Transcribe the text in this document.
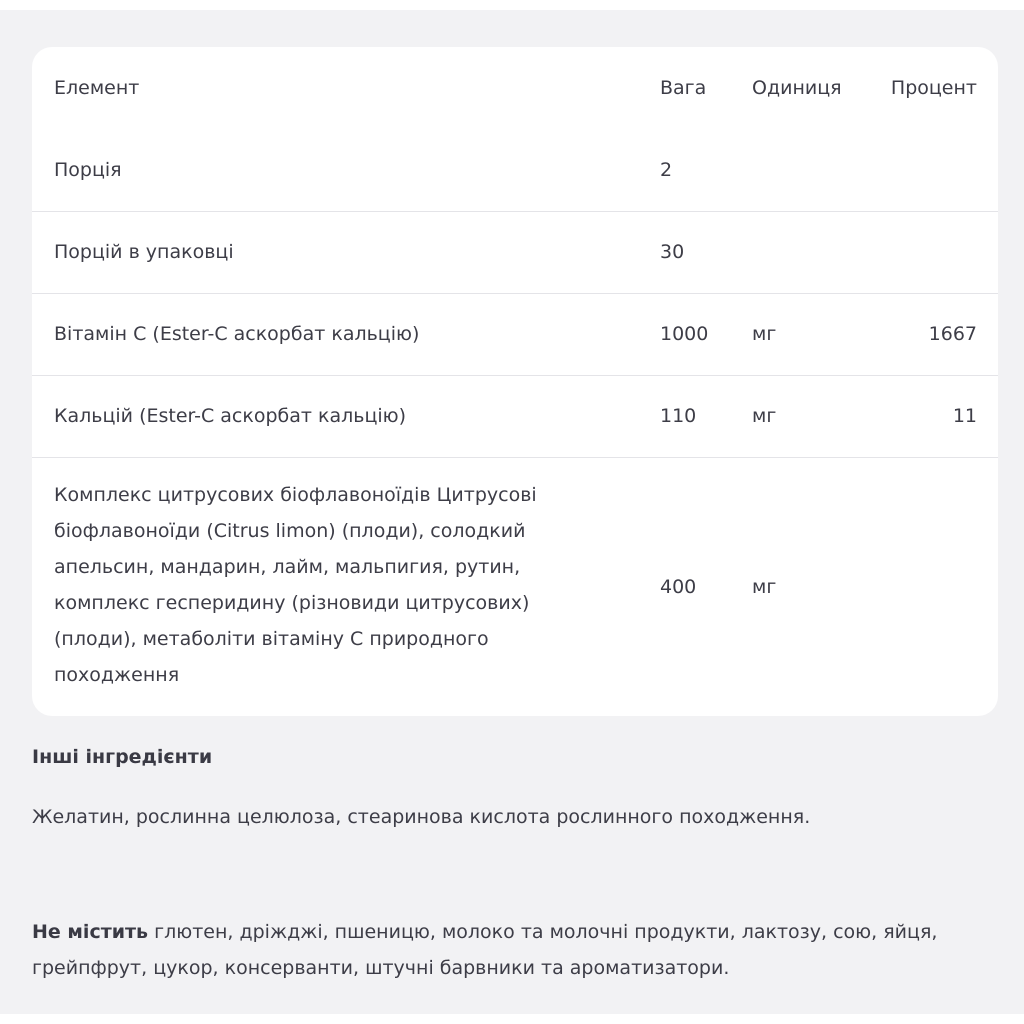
Елемент	Вага	Одиниця	Процент
Порція	2		
Порцій в упаковці	30		
Вітамін C (Ester-C аскорбат кальцію)	1000	мг	1667
Кальцій (Ester-C аскорбат кальцію)	110	мг	11
Комплекс цитрусових біофлавоноїдів Цитрусові біофлавоноїди (Citrus limon) (плоди), солодкий апельсин, мандарин, лайм, мальпигия, рутин, комплекс гесперидину (різновиди цитрусових) (плоди), метаболіти вітаміну C природного походження	400	мг	
Інші інгредієнти
Желатин, рослинна целюлоза, стеаринова кислота рослинного походження.
Не містить глютен, дріжджі, пшеницю, молоко та молочні продукти, лактозу, сою, яйця, грейпфрут, цукор, консерванти, штучні барвники та ароматизатори.
